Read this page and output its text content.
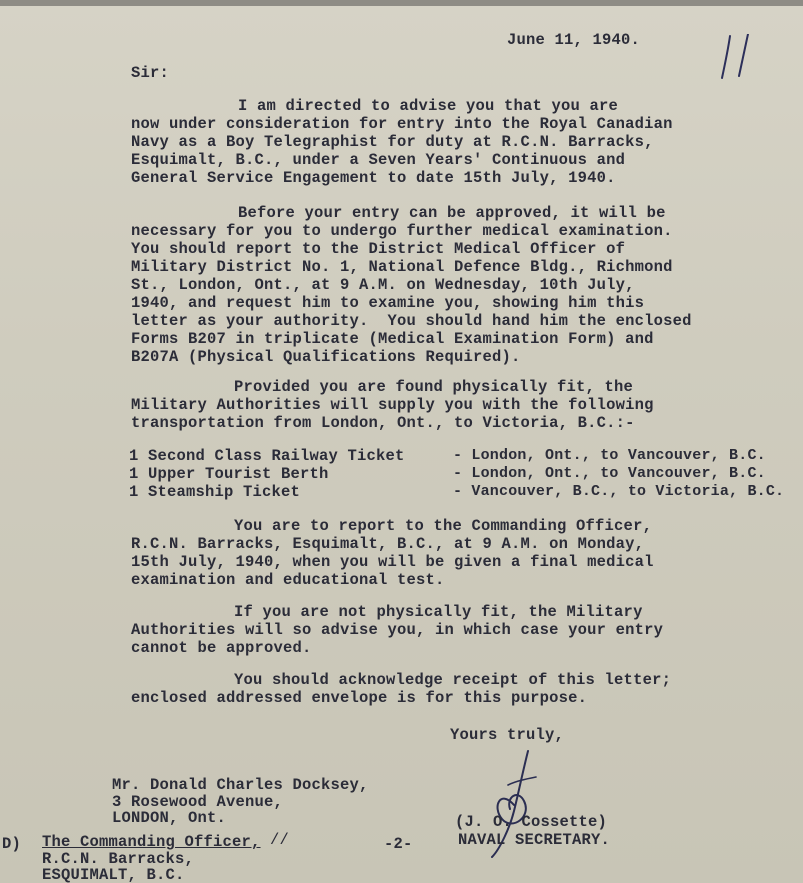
June 11, 1940.
Sir:
I am directed to advise you that you are
now under consideration for entry into the Royal Canadian
Navy as a Boy Telegraphist for duty at R.C.N. Barracks,
Esquimalt, B.C., under a Seven Years' Continuous and
General Service Engagement to date 15th July, 1940.
Before your entry can be approved, it will be
necessary for you to undergo further medical examination.
You should report to the District Medical Officer of
Military District No. 1, National Defence Bldg., Richmond
St., London, Ont., at 9 A.M. on Wednesday, 10th July,
1940, and request him to examine you, showing him this
letter as your authority.  You should hand him the enclosed
Forms B207 in triplicate (Medical Examination Form) and
B207A (Physical Qualifications Required).
Provided you are found physically fit, the
Military Authorities will supply you with the following
transportation from London, Ont., to Victoria, B.C.:-
1 Second Class Railway Ticket	- London, Ont., to Vancouver, B.C.
1 Upper Tourist Berth	- London, Ont., to Vancouver, B.C.
1 Steamship Ticket	- Vancouver, B.C., to Victoria, B.C.
You are to report to the Commanding Officer,
R.C.N. Barracks, Esquimalt, B.C., at 9 A.M. on Monday,
15th July, 1940, when you will be given a final medical
examination and educational test.
If you are not physically fit, the Military
Authorities will so advise you, in which case your entry
cannot be approved.
You should acknowledge receipt of this letter;
enclosed addressed envelope is for this purpose.
Yours truly,
Mr. Donald Charles Docksey,
3 Rosewood Avenue,
LONDON, Ont.	(J. O. Cossette)
NAVAL SECRETARY.
D) The Commanding Officer, //
R.C.N. Barracks,
ESQUIMALT, B.C.
-2-
